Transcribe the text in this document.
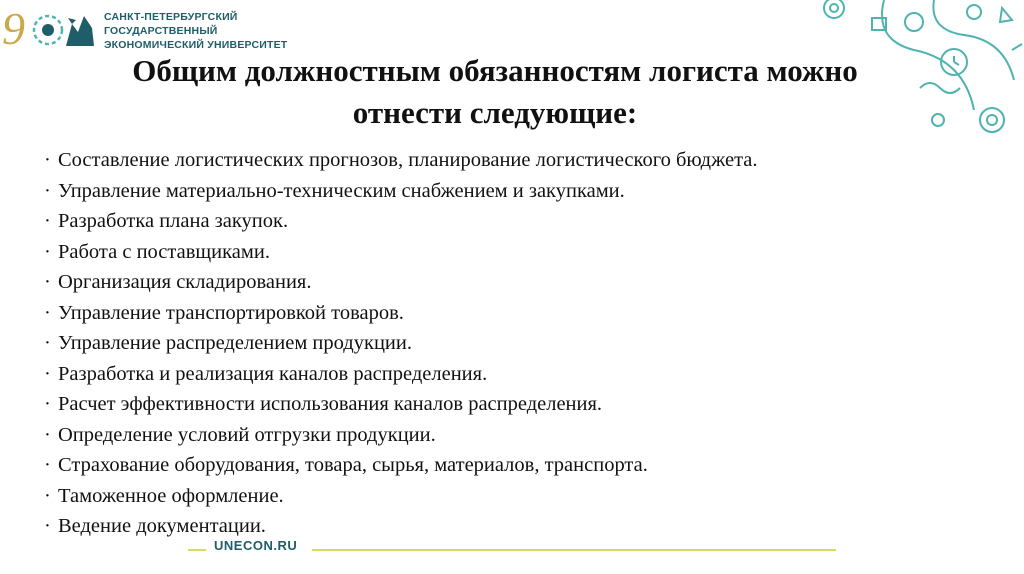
9	САНКТ-ПЕТЕРБУРГСКИЙ
ГОСУДАРСТВЕННЫЙ
ЭКОНОМИЧЕСКИЙ УНИВЕРСИТЕТ
Общим должностным обязанностям логиста можно
отнести следующие:
· Составление логистических прогнозов, планирование логистического бюджета.
· Управление материально-техническим снабжением и закупками.
· Разработка плана закупок.
· Работа с поставщиками.
· Организация складирования.
· Управление транспортировкой товаров.
· Управление распределением продукции.
· Разработка и реализация каналов распределения.
· Расчет эффективности использования каналов распределения.
· Определение условий отгрузки продукции.
· Страхование оборудования, товара, сырья, материалов, транспорта.
· Таможенное оформление.
· Ведение документации.
UNECON.RU
